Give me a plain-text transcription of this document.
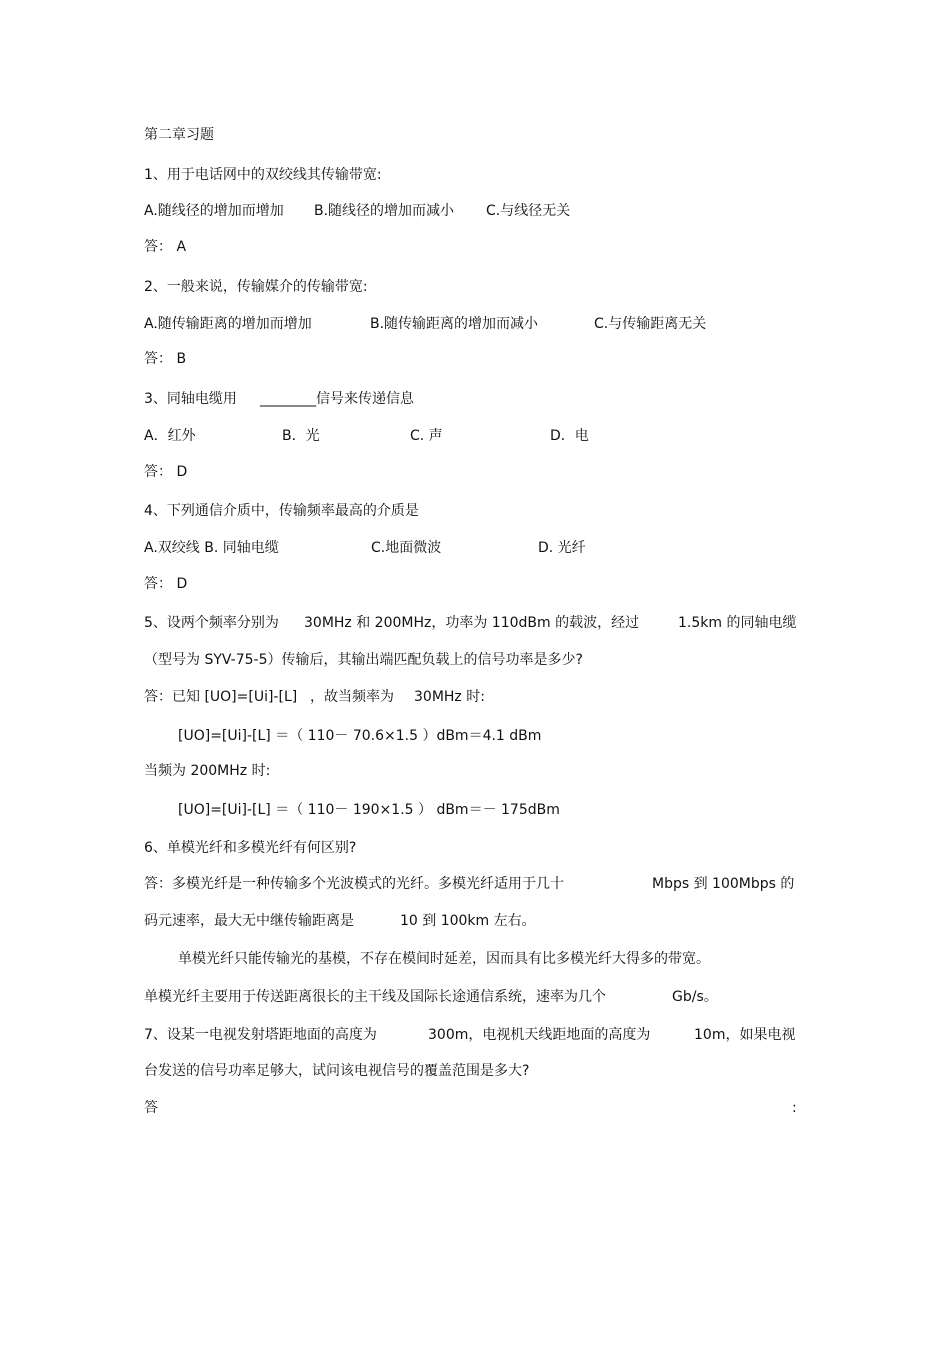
第二章习题
1、用于电话网中的双绞线其传输带宽:
A.随线径的增加而增加 B.随线径的增加而减小 C.与线径无关
答： A
2、一般来说，传输媒介的传输带宽:
A.随传输距离的增加而增加	B.随传输距离的增加而减小	C.与传输距离无关
答： B
3、同轴电缆用 ________信号来传递信息
A．红外	B．光	C. 声	D．电
答： D
4、下列通信介质中，传输频率最高的介质是
A.双绞线 B. 同轴电缆	C.地面微波	D. 光纤
答： D
5、设两个频率分别为 30MHz 和 200MHz，功率为 110dBm 的载波，经过	1.5km 的同轴电缆
（型号为 SYV-75-5）传输后，其输出端匹配负载上的信号功率是多少?
答：已知 [UO]=[Ui]-[L] ，故当频率为 30MHz 时:
[UO]=[Ui]-[L] ＝（ 110－ 70.6×1.5 ）dBm＝4.1 dBm
当频为 200MHz 时:
[UO]=[Ui]-[L] ＝（ 110－ 190×1.5 ） dBm＝－ 175dBm
6、单模光纤和多模光纤有何区别?
答：多模光纤是一种传输多个光波模式的光纤。多模光纤适用于几十	Mbps 到 100Mbps 的
码元速率，最大无中继传输距离是	10 到 100km 左右。
单模光纤只能传输光的基模，不存在模间时延差，因而具有比多模光纤大得多的带宽。
单模光纤主要用于传送距离很长的主干线及国际长途通信系统，速率为几个	Gb/s。
7、设某一电视发射塔距地面的高度为	300m，电视机天线距地面的高度为	10m，如果电视
台发送的信号功率足够大，试问该电视信号的覆盖范围是多大?
答	:
